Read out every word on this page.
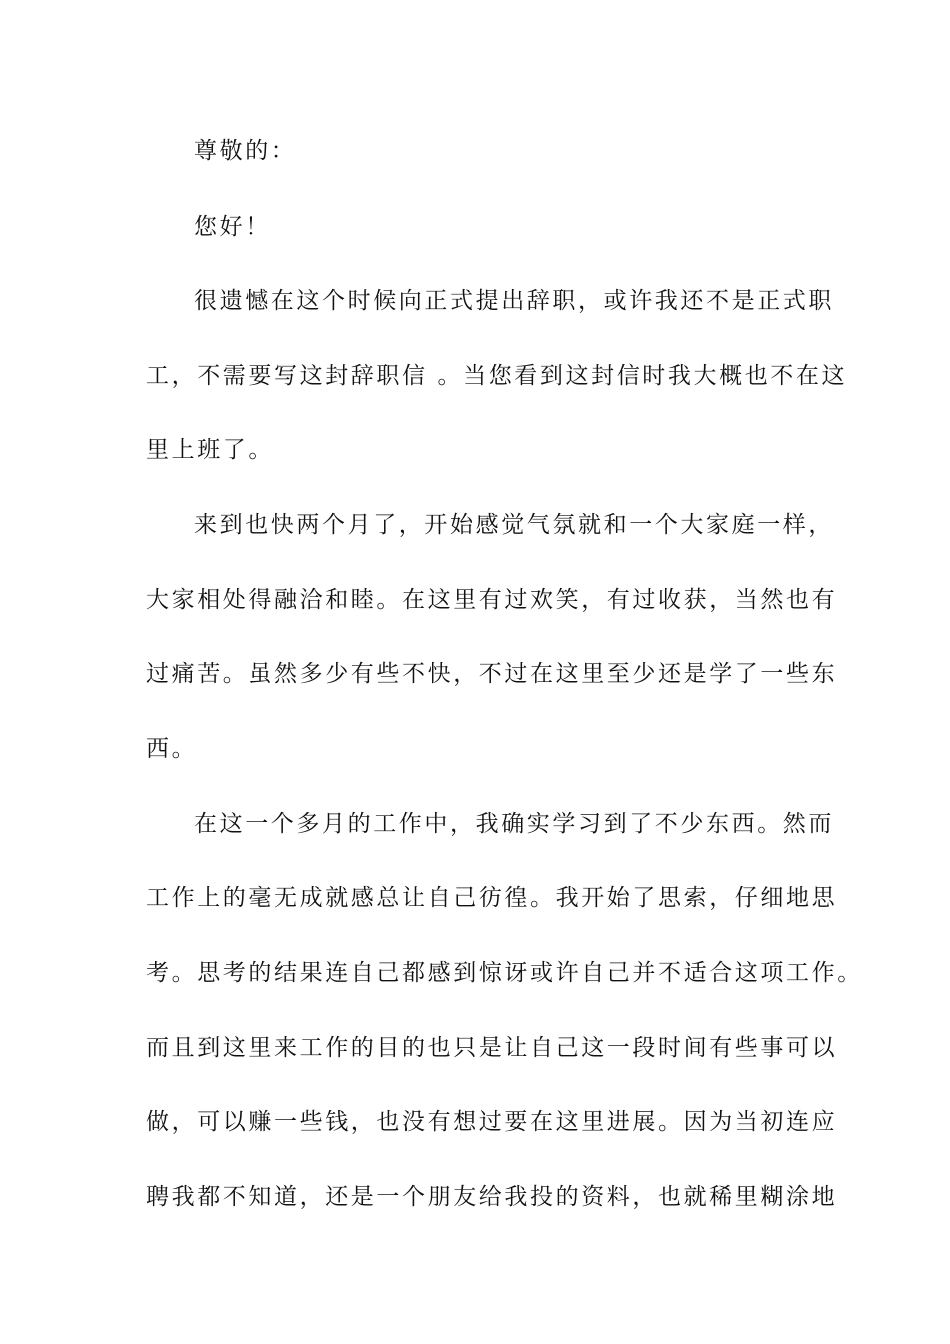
尊敬的：
您好！
很遗憾在这个时候向正式提出辞职，或许我还不是正式职
工，不需要写这封辞职信 。当您看到这封信时我大概也不在这
里上班了。
来到也快两个月了，开始感觉气氛就和一个大家庭一样，
大家相处得融洽和睦。在这里有过欢笑，有过收获，当然也有
过痛苦。虽然多少有些不快，不过在这里至少还是学了一些东
西。
在这一个多月的工作中，我确实学习到了不少东西。然而
工作上的毫无成就感总让自己彷徨。我开始了思索，仔细地思
考。思考的结果连自己都感到惊讶或许自己并不适合这项工作。
而且到这里来工作的目的也只是让自己这一段时间有些事可以
做，可以赚一些钱，也没有想过要在这里进展。因为当初连应
聘我都不知道，还是一个朋友给我投的资料，也就稀里糊涂地
